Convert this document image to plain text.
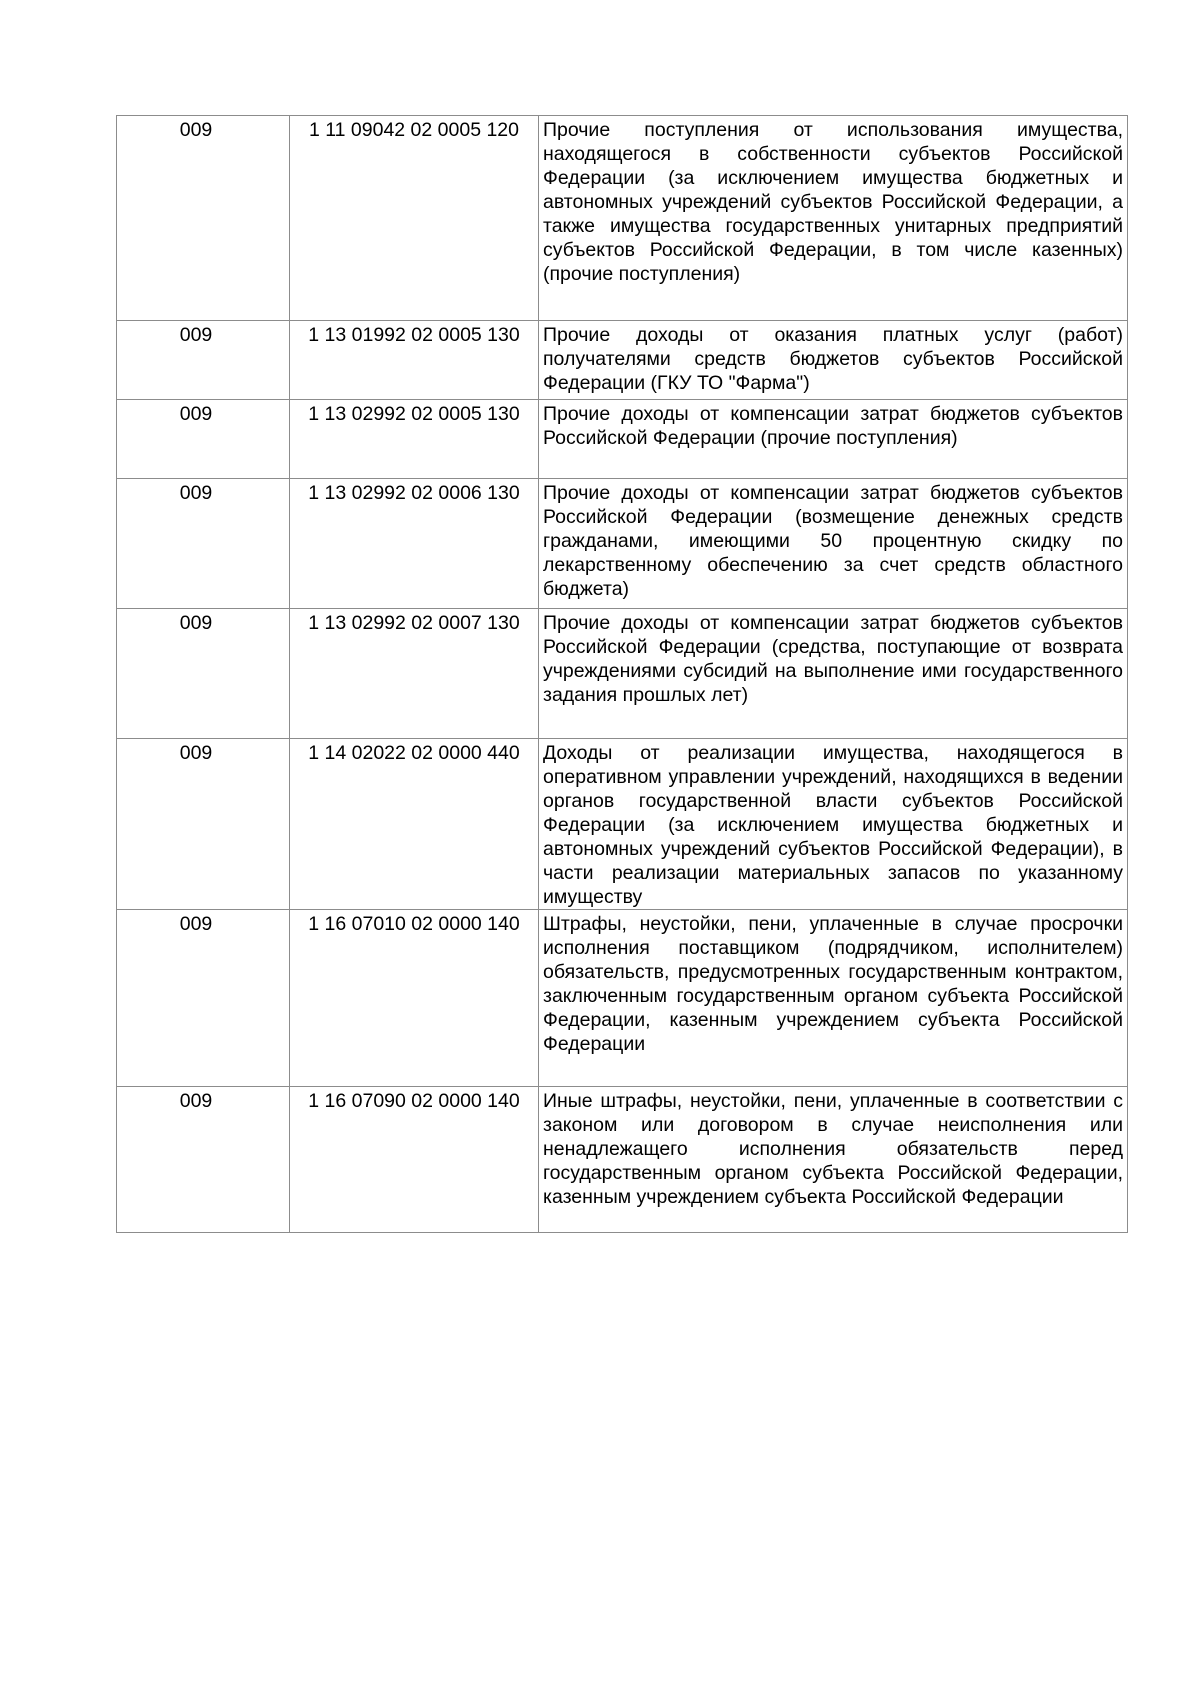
009	1 11 09042 02 0005 120	Прочие поступления от использования имущества, находящегося в собственности субъектов Российской Федерации (за исключением имущества бюджетных и автономных учреждений субъектов Российской Федерации, а также имущества государственных унитарных предприятий субъектов Российской Федерации, в том числе казенных) (прочие поступления)
009	1 13 01992 02 0005 130	Прочие доходы от оказания платных услуг (работ) получателями средств бюджетов субъектов Российской Федерации (ГКУ ТО "Фарма")
009	1 13 02992 02 0005 130	Прочие доходы от компенсации затрат бюджетов субъектов Российской Федерации (прочие поступления)
009	1 13 02992 02 0006 130	Прочие доходы от компенсации затрат бюджетов субъектов Российской Федерации (возмещение денежных средств гражданами, имеющими 50 процентную скидку по лекарственному обеспечению за счет средств областного бюджета)
009	1 13 02992 02 0007 130	Прочие доходы от компенсации затрат бюджетов субъектов Российской Федерации (средства, поступающие от возврата учреждениями субсидий на выполнение ими государственного задания прошлых лет)
009	1 14 02022 02 0000 440	Доходы от реализации имущества, находящегося в оперативном управлении учреждений, находящихся в ведении органов государственной власти субъектов Российской Федерации (за исключением имущества бюджетных и автономных учреждений субъектов Российской Федерации), в части реализации материальных запасов по указанному имуществу
009	1 16 07010 02 0000 140	Штрафы, неустойки, пени, уплаченные в случае просрочки исполнения поставщиком (подрядчиком, исполнителем) обязательств, предусмотренных государственным контрактом, заключенным государственным органом субъекта Российской Федерации, казенным учреждением субъекта Российской Федерации
009	1 16 07090 02 0000 140	Иные штрафы, неустойки, пени, уплаченные в соответствии с законом или договором в случае неисполнения или ненадлежащего исполнения обязательств перед государственным органом субъекта Российской Федерации, казенным учреждением субъекта Российской Федерации
